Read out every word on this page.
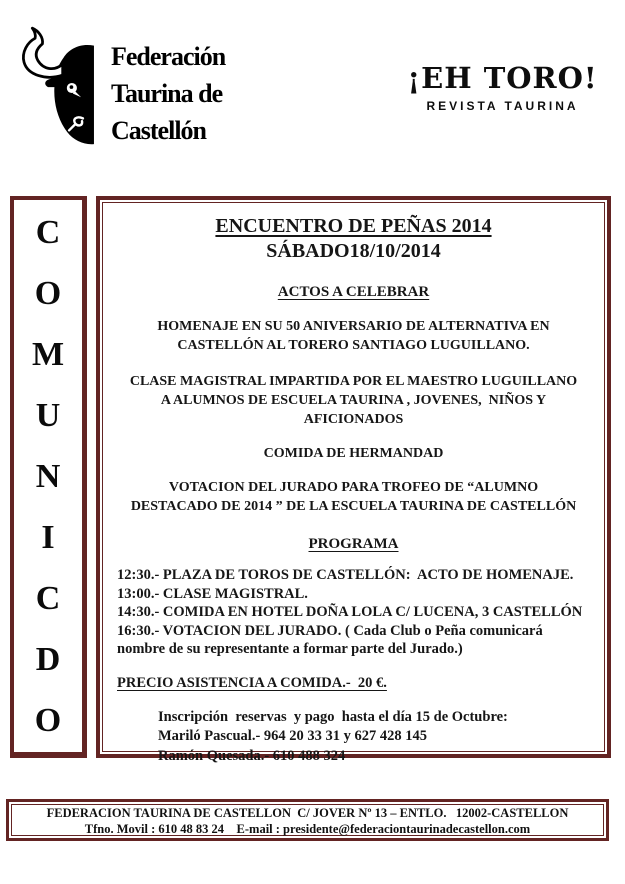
Federación
Taurina de
Castellón
¡EH TORO!
REVISTA TAURINA
C
O
M
U
N
I
C
D
O
ENCUENTRO DE PEÑAS 2014
SÁBADO18/10/2014
ACTOS A CELEBRAR

HOMENAJE EN SU 50 ANIVERSARIO DE ALTERNATIVA EN  CASTELLÓN AL TORERO SANTIAGO LUGUILLANO.

CLASE MAGISTRAL IMPARTIDA POR EL MAESTRO LUGUILLANO A ALUMNOS DE ESCUELA TAURINA , JOVENES,  NIÑOS Y AFICIONADOS

COMIDA DE HERMANDAD

VOTACION DEL JURADO PARA TROFEO DE “ALUMNO  DESTACADO DE 2014 ” DE LA ESCUELA TAURINA DE CASTELLÓN

PROGRAMA

12:30.- PLAZA DE TOROS DE CASTELLÓN:  ACTO DE HOMENAJE.

13:00.- CLASE MAGISTRAL.

14:30.- COMIDA EN HOTEL DOÑA LOLA C/ LUCENA, 3 CASTELLÓN

16:30.- VOTACION DEL JURADO. ( Cada Club o Peña comunicará nombre de su representante a formar parte del Jurado.)

PRECIO ASISTENCIA A COMIDA.-  20 €.

Inscripción  reservas  y pago  hasta el día 15 de Octubre:

Mariló Pascual.- 964 20 33 31 y 627 428 145

Ramón Quesada.- 610 488 324

FEDERACION TAURINA DE CASTELLON  C/ JOVER Nº 13 – ENTLO.   12002-CASTELLON
Tfno. Movil : 610 48 83 24    E-mail : presidente@federaciontaurinadecastellon.com
